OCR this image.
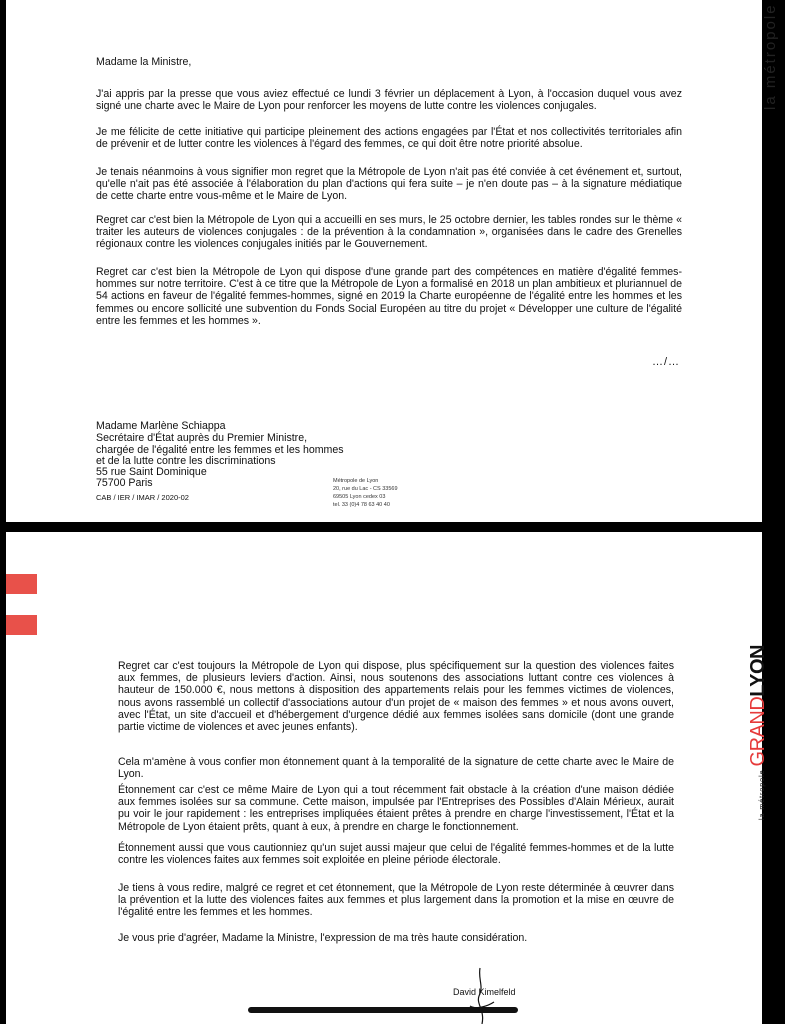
Madame la Ministre,

J'ai appris par la presse que vous aviez effectué ce lundi 3 février un déplacement à Lyon, à l'occasion duquel vous avez signé une charte avec le Maire de Lyon pour renforcer les moyens de lutte contre les violences conjugales.

Je me félicite de cette initiative qui participe pleinement des actions engagées par l'État et nos collectivités territoriales afin de prévenir et de lutter contre les violences à l'égard des femmes, ce qui doit être notre priorité absolue.

Je tenais néanmoins à vous signifier mon regret que la Métropole de Lyon n'ait pas été conviée à cet événement et, surtout, qu'elle n'ait pas été associée à l'élaboration du plan d'actions qui fera suite – je n'en doute pas – à la signature médiatique de cette charte entre vous-même et le Maire de Lyon.

Regret car c'est bien la Métropole de Lyon qui a accueilli en ses murs, le 25 octobre dernier, les tables rondes sur le thème « traiter les auteurs de violences conjugales : de la prévention à la condamnation », organisées dans le cadre des Grenelles régionaux contre les violences conjugales initiés par le Gouvernement.

Regret car c'est bien la Métropole de Lyon qui dispose d'une grande part des compétences en matière d'égalité femmes-hommes sur notre territoire. C'est à ce titre que la Métropole de Lyon a formalisé en 2018 un plan ambitieux et pluriannuel de 54 actions en faveur de l'égalité femmes-hommes, signé en 2019 la Charte européenne de l'égalité entre les hommes et les femmes ou encore sollicité une subvention du Fonds Social Européen au titre du projet « Développer une culture de l'égalité entre les femmes et les hommes ».

…/…
Madame Marlène Schiappa
Secrétaire d'État auprès du Premier Ministre,
chargée de l'égalité entre les femmes et les hommes
et de la lutte contre les discriminations
55 rue Saint Dominique
75700 Paris
CAB / IER / IMAR / 2020-02
Métropole de Lyon
20, rue du Lac - CS 33569
69505 Lyon cedex 03
tel. 33 (0)4 78 63 40 40
la métropole

Regret car c'est toujours la Métropole de Lyon qui dispose, plus spécifiquement sur la question des violences faites aux femmes, de plusieurs leviers d'action. Ainsi, nous soutenons des associations luttant contre ces violences à hauteur de 150.000 €, nous mettons à disposition des appartements relais pour les femmes victimes de violences, nous avons rassemblé un collectif d'associations autour d'un projet de « maison des femmes » et nous avons ouvert, avec l'État, un site d'accueil et d'hébergement d'urgence dédié aux femmes isolées sans domicile (dont une grande partie victime de violences et avec jeunes enfants).

Cela m'amène à vous confier mon étonnement quant à la temporalité de la signature de cette charte avec le Maire de Lyon.

Étonnement car c'est ce même Maire de Lyon qui a tout récemment fait obstacle à la création d'une maison dédiée aux femmes isolées sur sa commune. Cette maison, impulsée par l'Entreprises des Possibles d'Alain Mérieux, aurait pu voir le jour rapidement : les entreprises impliquées étaient prêtes à prendre en charge l'investissement, l'État et la Métropole de Lyon étaient prêts, quant à eux, à prendre en charge le fonctionnement.

Étonnement aussi que vous cautionniez qu'un sujet aussi majeur que celui de l'égalité femmes-hommes et de la lutte contre les violences faites aux femmes soit exploitée en pleine période électorale.

Je tiens à vous redire, malgré ce regret et cet étonnement, que la Métropole de Lyon reste déterminée à œuvrer dans la prévention et la lutte des violences faites aux femmes et plus largement dans la promotion et la mise en œuvre de l'égalité entre les femmes et les hommes.

Je vous prie d'agréer, Madame la Ministre, l'expression de ma très haute considération.

David Kimelfeld
la métropoleGRANDLYON
